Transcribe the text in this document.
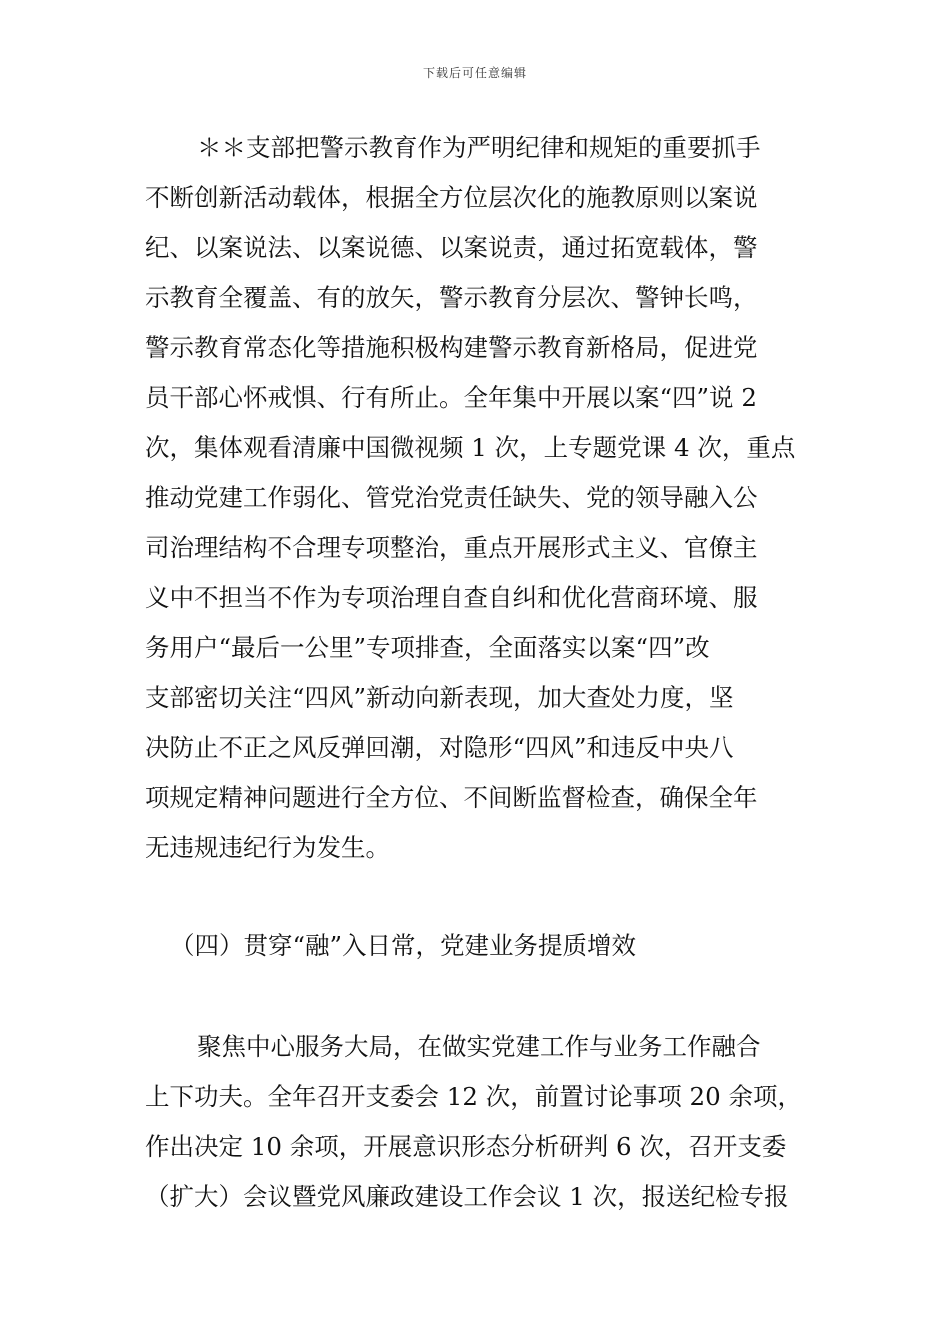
下载后可任意编辑
＊＊支部把警示教育作为严明纪律和规矩的重要抓手
不断创新活动载体，根据全方位层次化的施教原则以案说
纪、以案说法、以案说德、以案说责，通过拓宽载体，警
示教育全覆盖、有的放矢，警示教育分层次、警钟长鸣，
警示教育常态化等措施积极构建警示教育新格局，促进党
员干部心怀戒惧、行有所止。全年集中开展以案“四”说 2
次，集体观看清廉中国微视频 1 次，上专题党课 4 次，重点
推动党建工作弱化、管党治党责任缺失、党的领导融入公
司治理结构不合理专项整治，重点开展形式主义、官僚主
义中不担当不作为专项治理自查自纠和优化营商环境、服
务用户“最后一公里”专项排查，全面落实以案“四”改
支部密切关注“四风”新动向新表现，加大查处力度，坚
决防止不正之风反弹回潮，对隐形“四风”和违反中央八
项规定精神问题进行全方位、不间断监督检查，确保全年
无违规违纪行为发生。
（四）贯穿“融”入日常，党建业务提质增效
聚焦中心服务大局，在做实党建工作与业务工作融合
上下功夫。全年召开支委会 12 次，前置讨论事项 20 余项，
作出决定 10 余项，开展意识形态分析研判 6 次，召开支委
（扩大）会议暨党风廉政建设工作会议 1 次，报送纪检专报
